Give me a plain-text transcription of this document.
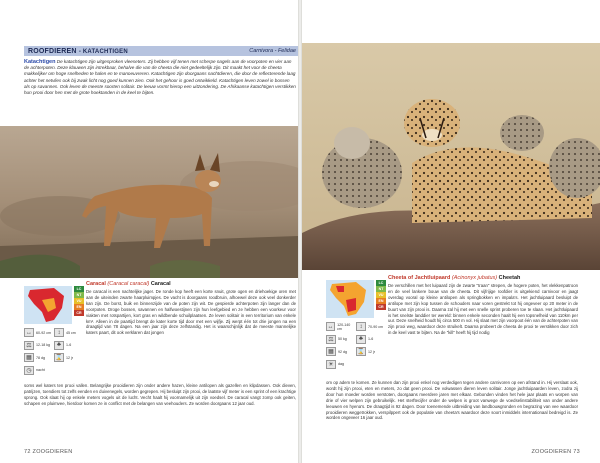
ROOFDIEREN - KATACHTIGEN	Carnivora - Felidae
Katachtigen De katachtigen zijn uitgesproken vleeseters. Zij hebben vijf tenen met scherpe nagels aan de voorpoten en vier aan de achterpoten. Deze klauwen zijn intrekbaar, behalve die van de cheeta die niet gedeeltelijk zijn. Dit maakt het voor de cheeta makkelijker om hoge snelheden te halen en te manoeuvreren. Katachtigen zijn doorgaans nachtdieren, die door de reflecterende laag achter het netvlies ook bij zwak licht nog goed kunnen zien. Ook het gehoor is goed ontwikkeld. Katachtigen leven zowel in bossen als op savannes. Ook leven de meeste soorten solitair. De leeuw vormt hierop een uitzondering. De Afrikaanse katachtigen verstikken hun prooi door hen met de grote hoektanden in de keel te bijten.
LC
NT
VU
EN
CR
↔	60-92 cm	↕	45 cm
⚖	12-18 kg	♣	1-6
▦	78 dg ⌛ 12 jr
◷	nacht
Caracal (Caracal caracal) Caracal
De caracal is een nachtelijke jager. De ronde kop heeft een korte snuit, grote ogen en driehoekige oren met aan de uiteinden zwarte haarpluimpjes. De vacht is doorgaans roodbruin, alhoewel deze ook veel donkerder kan zijn. De borst, buik en binnenzijde van de poten zijn wit. De gespierde achterpoten zijn langer dan de voorpoten. Droge bossen, savannen en halfwoestijnen zijn hun leefgebied en ze hebben een voorkeur voor viakten met rotspartijen, kort gras en wildbende schuilplaatsen. Ze leven solitair in een territorium van enkele km². Alleen in de paartijd brengt de kater korte tijd door met een wijfje. Zij werpt één tot drie jongen na een draagtijd van 78 dagen. Na een jaar zijn deze zelfstandig. Het is waarschijnlijk dat de meeste mannelijke katers paart, dit ook verklaren dat jongen
soms wel katers ten prooi vallen. Belangrijke prooidieren zijn onder andere hazen, kleine antilopen als gazellen en klipdassen. Ook dieven, patrijzen, toendiers tot zelfs eenden en duivenegels, worden gegrepen. Hij besluipt zijn prooi, de laatste vijf meter is een sprint of een krachtige sprong. Ook slaat hij op enkele meters vogels uit de lucht. Vecht haalt hij voornamelijk uit zijn voedsel. De caracal vangt zomp ook geiten, schapen en pluimvee, hierdoor komen ze in conflict met de belangen van veehouders. Ze worden doorgaans 12 jaar oud.
72 ZOOGDIEREN	ZOOGDIEREN 73
LC
NT
VU
EN
CR
↔ 120-140 cm	↕	70-90 cm
⚖	50 kg	♣	1-6
▦	92 dg ⌛ 12 jr
☀	dag
Cheeta of Jachtluipaard (Acinonyx jubatus) Cheetah
De verschillen met het luipaard zijn de zwarte "traan" strepen, de hogere poten, het vlekkenpatroon en de veel lankere bouw van de cheeta. Dit vijfrijige roofdier is uitgekiend carnivoor en jaagt overdag vooral op kleine antilopen als springbokken en impala's. Het jachtluipaard besluipt de antilope met zijn kop tussen de schouders naar voren gestrekt tot hij ongeveer op 20 meter in de buurt van zijn prooi is. Daarna zal hij met een snelle sprint proberen toe te slaan. Het jachtluipaard is het snelste landdier ter wereld: binnen enkele seconden haalt hij een topsnelheid van 110km per uur. Deze snelheid houdt hij circa 500 m vol. Hij slaat met zijn voorpoot één van de achterpoten van zijn prooi weg, waardoor deze struikelt. Daarna probeert de cheeta de prooi te verstikken door zich in de keel vast te bijten. Na de "kill" heeft hij tijd nodig
om op adem te komen. Ze kunnen dan zijn prooi enkel nog verdedigen tegen andere carnivoren op een afstand in. Hij verslaat ook, wordt hij zijn prooi, eten en meters, zo dat geen prooi. De volwassen dieren leven solitair. Jonge jachtluipaarden leven, zodra zij door hun moeder worden verstoten, doorgaans meerdere jaren met elkaar. Gebonden vinden het hele jaar plaats en worpen van drie of vier welpen zijn gebruikelijk. Het sterftecijfer onder de welpen is groot vanwege de voedselinstabiliteit van onder andere leeuwen en hyena's. De draagtijd is 92 dagen. Door toenemende uitbreiding van landbouwgronden en begrazing van vee waardoor prooidieren weggetrokken, verspilppert ook de populatie van cheeta's waardoor deze soort inmiddels internationaal bedreigd is. Ze worden ongeveer 16 jaar oud.
